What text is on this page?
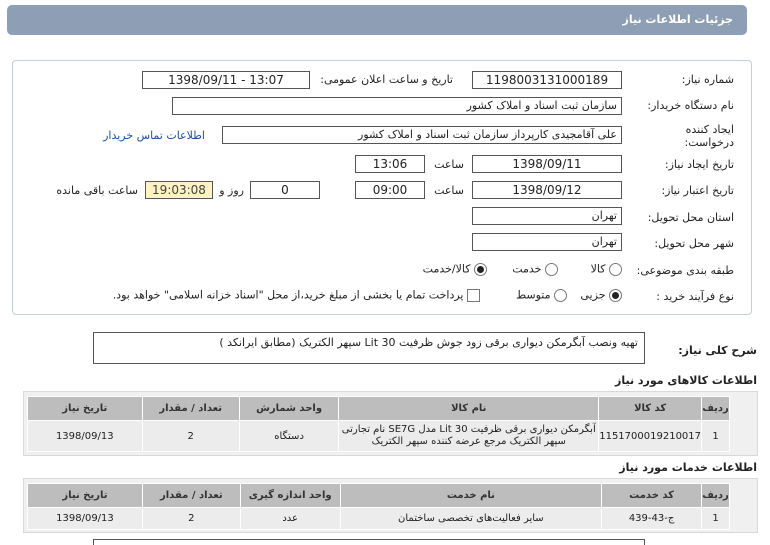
جزئیات اطلاعات نیاز
شماره نیاز:
1198003131000189
تاریخ و ساعت اعلان عمومی:
1398/09/11 - 13:07
نام دستگاه خریدار:
سازمان ثبت اسناد و املاک کشور
ایجاد کننده درخواست:
علی آقامجیدی کارپرداز سازمان ثبت اسناد و املاک کشور
اطلاعات تماس خریدار
تاریخ ایجاد نیاز:
1398/09/11
ساعت
13:06
تاریخ اعتبار نیاز:
1398/09/12
ساعت
09:00
0
روز و
19:03:08
ساعت باقی مانده
استان محل تحویل:
تهران
شهر محل تحویل:
تهران
طبقه بندی موضوعی:
کالا
خدمت
کالا/خدمت
نوع فرآیند خرید :
جزیی
متوسط
پرداخت تمام یا بخشی از مبلغ خرید،از محل "اسناد خزانه اسلامی" خواهد بود.
شرح کلی نیاز:
تهیه ونصب آبگرمکن دیواری برقی زود جوش ظرفیت Lit 30 سپهر الکتریک (مطابق ایرانکد )
اطلاعات کالاهای مورد نیاز
ردیف	کد کالا	نام کالا	واحد شمارش	تعداد / مقدار	تاریخ نیاز
1	1151700019210017	آبگرمکن دیواری برقی ظرفیت Lit 30 مدل SE7G نام تجارتی سپهر الکتریک مرجع عرضه کننده سپهر الکتریک	دستگاه	2	1398/09/13
اطلاعات خدمات مورد نیاز
ردیف	کد خدمت	نام خدمت	واحد اندازه گیری	تعداد / مقدار	تاریخ نیاز
1	ج-43-439	سایر فعالیت‌های تخصصی ساختمان	عدد	2	1398/09/13
